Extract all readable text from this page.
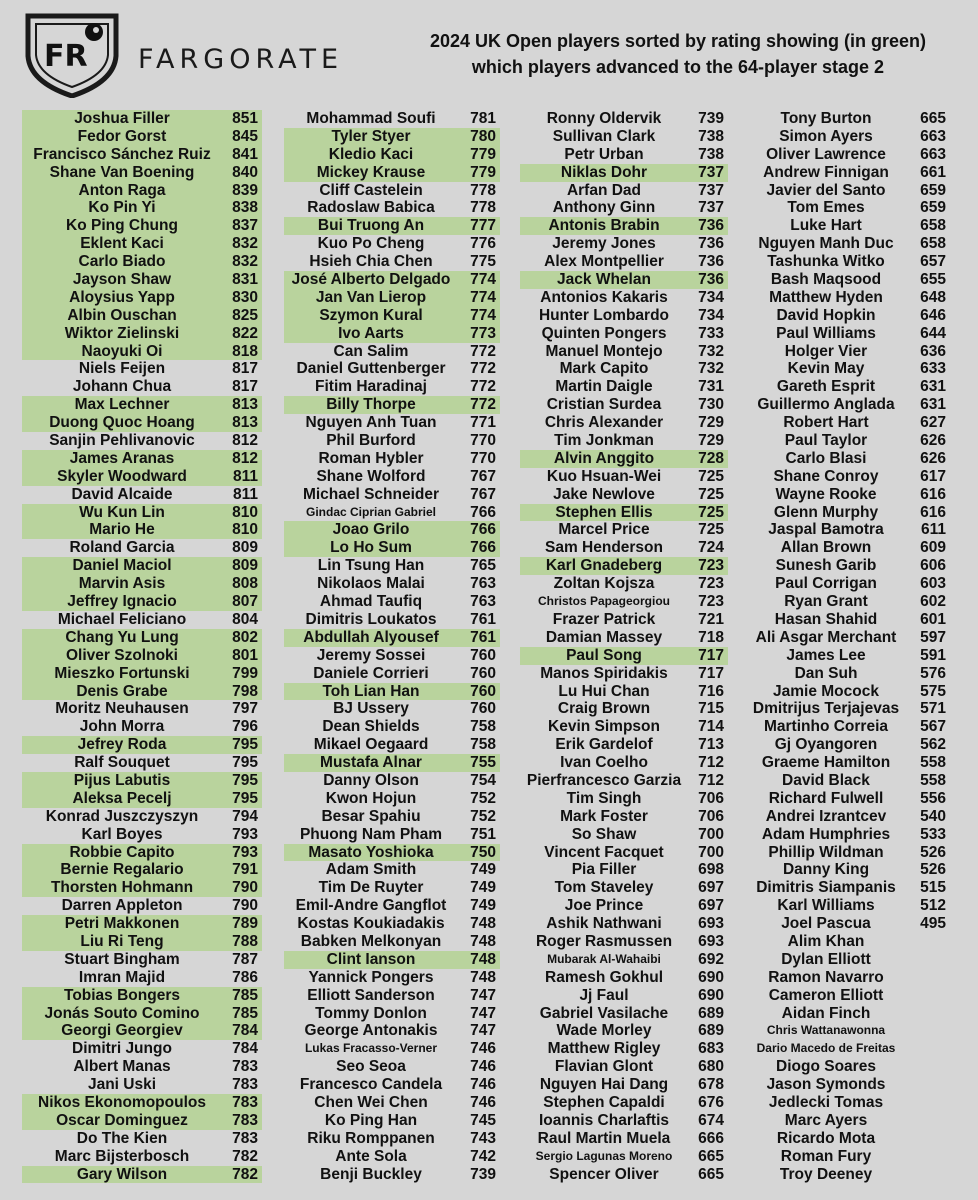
FR FARGORATE
2024 UK Open players sorted by rating showing (in green)
which players advanced to the 64-player stage 2
Joshua Filler	851
Fedor Gorst	845
Francisco Sánchez Ruiz	841
Shane Van Boening	840
Anton Raga	839
Ko Pin Yi	838
Ko Ping Chung	837
Eklent Kaci	832
Carlo Biado	832
Jayson Shaw	831
Aloysius Yapp	830
Albin Ouschan	825
Wiktor Zielinski	822
Naoyuki Oi	818
Niels Feijen	817
Johann Chua	817
Max Lechner	813
Duong Quoc Hoang	813
Sanjin Pehlivanovic	812
James Aranas	812
Skyler Woodward	811
David Alcaide	811
Wu Kun Lin	810
Mario He	810
Roland Garcia	809
Daniel Maciol	809
Marvin Asis	808
Jeffrey Ignacio	807
Michael Feliciano	804
Chang Yu Lung	802
Oliver Szolnoki	801
Mieszko Fortunski	799
Denis Grabe	798
Moritz Neuhausen	797
John Morra	796
Jefrey Roda	795
Ralf Souquet	795
Pijus Labutis	795
Aleksa Pecelj	795
Konrad Juszczyszyn	794
Karl Boyes	793
Robbie Capito	793
Bernie Regalario	791
Thorsten Hohmann	790
Darren Appleton	790
Petri Makkonen	789
Liu Ri Teng	788
Stuart Bingham	787
Imran Majid	786
Tobias Bongers	785
Jonás Souto Comino	785
Georgi Georgiev	784
Dimitri Jungo	784
Albert Manas	783
Jani Uski	783
Nikos Ekonomopoulos	783
Oscar Dominguez	783
Do The Kien	783
Marc Bijsterbosch	782
Gary Wilson	782
Mohammad Soufi	781
Tyler Styer	780
Kledio Kaci	779
Mickey Krause	779
Cliff Castelein	778
Radoslaw Babica	778
Bui Truong An	777
Kuo Po Cheng	776
Hsieh Chia Chen	775
José Alberto Delgado	774
Jan Van Lierop	774
Szymon Kural	774
Ivo Aarts	773
Can Salim	772
Daniel Guttenberger	772
Fitim Haradinaj	772
Billy Thorpe	772
Nguyen Anh Tuan	771
Phil Burford	770
Roman Hybler	770
Shane Wolford	767
Michael Schneider	767
Gindac Ciprian Gabriel	766
Joao Grilo	766
Lo Ho Sum	766
Lin Tsung Han	765
Nikolaos Malai	763
Ahmad Taufiq	763
Dimitris Loukatos	761
Abdullah Alyousef	761
Jeremy Sossei	760
Daniele Corrieri	760
Toh Lian Han	760
BJ Ussery	760
Dean Shields	758
Mikael Oegaard	758
Mustafa Alnar	755
Danny Olson	754
Kwon Hojun	752
Besar Spahiu	752
Phuong Nam Pham	751
Masato Yoshioka	750
Adam Smith	749
Tim De Ruyter	749
Emil-Andre Gangflot	749
Kostas Koukiadakis	748
Babken Melkonyan	748
Clint Ianson	748
Yannick Pongers	748
Elliott Sanderson	747
Tommy Donlon	747
George Antonakis	747
Lukas Fracasso-Verner	746
Seo Seoa	746
Francesco Candela	746
Chen Wei Chen	746
Ko Ping Han	745
Riku Romppanen	743
Ante Sola	742
Benji Buckley	739
Ronny Oldervik	739
Sullivan Clark	738
Petr Urban	738
Niklas Dohr	737
Arfan Dad	737
Anthony Ginn	737
Antonis Brabin	736
Jeremy Jones	736
Alex Montpellier	736
Jack Whelan	736
Antonios Kakaris	734
Hunter Lombardo	734
Quinten Pongers	733
Manuel Montejo	732
Mark Capito	732
Martin Daigle	731
Cristian Surdea	730
Chris Alexander	729
Tim Jonkman	729
Alvin Anggito	728
Kuo Hsuan-Wei	725
Jake Newlove	725
Stephen Ellis	725
Marcel Price	725
Sam Henderson	724
Karl Gnadeberg	723
Zoltan Kojsza	723
Christos Papageorgiou	723
Frazer Patrick	721
Damian Massey	718
Paul Song	717
Manos Spiridakis	717
Lu Hui Chan	716
Craig Brown	715
Kevin Simpson	714
Erik Gardelof	713
Ivan Coelho	712
Pierfrancesco Garzia	712
Tim Singh	706
Mark Foster	706
So Shaw	700
Vincent Facquet	700
Pia Filler	698
Tom Staveley	697
Joe Prince	697
Ashik Nathwani	693
Roger Rasmussen	693
Mubarak Al-Wahaibi	692
Ramesh Gokhul	690
Jj Faul	690
Gabriel Vasilache	689
Wade Morley	689
Matthew Rigley	683
Flavian Glont	680
Nguyen Hai Dang	678
Stephen Capaldi	676
Ioannis Charlaftis	674
Raul Martin Muela	666
Sergio Lagunas Moreno	665
Spencer Oliver	665
Tony Burton	665
Simon Ayers	663
Oliver Lawrence	663
Andrew Finnigan	661
Javier del Santo	659
Tom Emes	659
Luke Hart	658
Nguyen Manh Duc	658
Tashunka Witko	657
Bash Maqsood	655
Matthew Hyden	648
David Hopkin	646
Paul Williams	644
Holger Vier	636
Kevin May	633
Gareth Esprit	631
Guillermo Anglada	631
Robert Hart	627
Paul Taylor	626
Carlo Blasi	626
Shane Conroy	617
Wayne Rooke	616
Glenn Murphy	616
Jaspal Bamotra	611
Allan Brown	609
Sunesh Garib	606
Paul Corrigan	603
Ryan Grant	602
Hasan Shahid	601
Ali Asgar Merchant	597
James Lee	591
Dan Suh	576
Jamie Mocock	575
Dmitrijus Terjajevas	571
Martinho Correia	567
Gj Oyangoren	562
Graeme Hamilton	558
David Black	558
Richard Fulwell	556
Andrei Izrantcev	540
Adam Humphries	533
Phillip Wildman	526
Danny King	526
Dimitris Siampanis	515
Karl Williams	512
Joel Pascua	495
Alim Khan
Dylan Elliott
Ramon Navarro
Cameron Elliott
Aidan Finch
Chris Wattanawonna
Dario Macedo de Freitas
Diogo Soares
Jason Symonds
Jedlecki Tomas
Marc Ayers
Ricardo Mota
Roman Fury
Troy Deeney
